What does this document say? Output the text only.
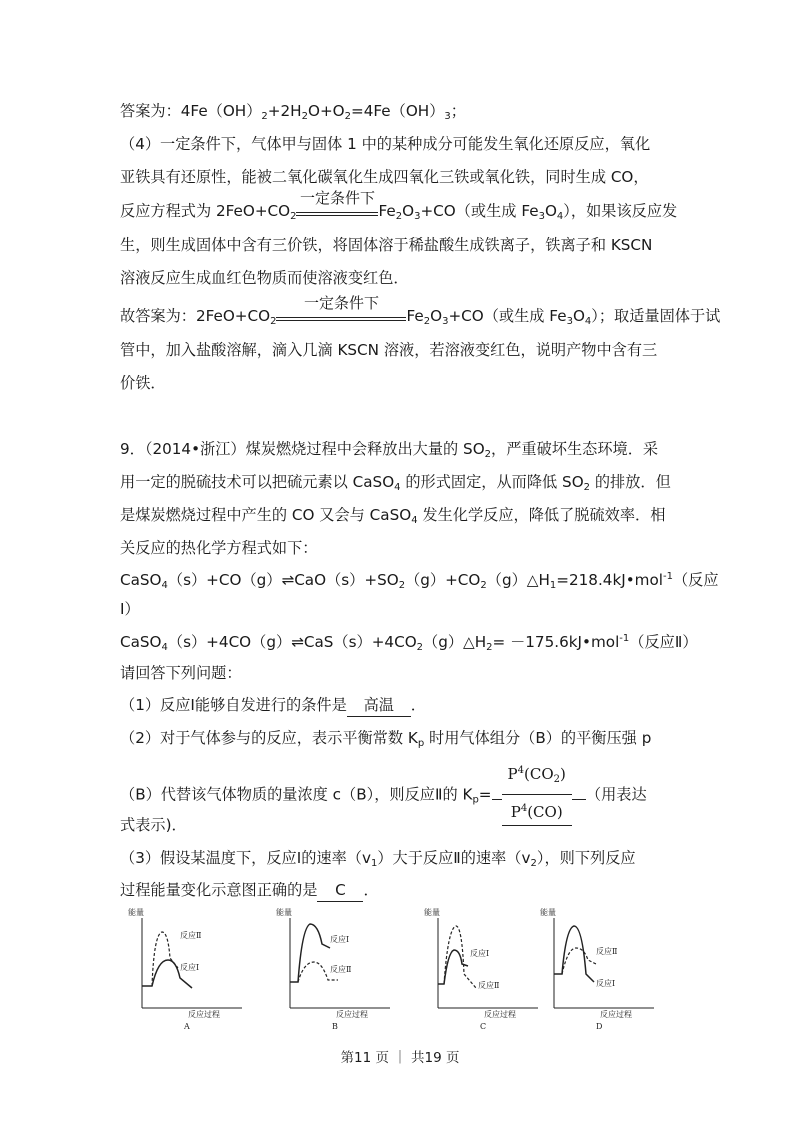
答案为：$4Fe(OH)_2+2H_2O+O_2=4Fe(OH)_3$；
（4）一定条件下，气体甲与固体 1 中的某种成分可能发生氧化还原反应，氧化
亚铁具有还原性，能被二氧化碳氧化生成四氧化三铁或氧化铁，同时生成 CO，
反应方程式为 $2FeO+CO_2$
一定条件下
$Fe_2O_3+CO$（或生成 $Fe_3O_4$），如果该反应发
生，则生成固体中含有三价铁，将固体溶于稀盐酸生成铁离子，铁离子和 KSCN
溶液反应生成血红色物质而使溶液变红色．
故答案为：$2FeO+CO_2$
一定条件下
$Fe_2O_3+CO$（或生成 $Fe_3O_4$）；取适量固体于试
管中，加入盐酸溶解，滴入几滴 KSCN 溶液，若溶液变红色，说明产物中含有三
价铁．
9．（2014•浙江）煤炭燃烧过程中会释放出大量的 $SO_2$，严重破坏生态环境．采
用一定的脱硫技术可以把硫元素以 CaSO$_4$ 的形式固定，从而降低 $SO_2$ 的排放．但
是煤炭燃烧过程中产生的 CO 又会与 CaSO$_4$ 发生化学反应，降低了脱硫效率．相
关反应的热化学方程式如下：
$CaSO_4(s)+CO(g)\rightleftharpoons CaO(s)+SO_2(g)+CO_2(g)\triangle H_1=218.4kJ•mol^{-1}$（反应
Ⅰ）
$CaSO_4(s)+4CO(g)\rightleftharpoons CaS(s)+4CO_2(g)\triangle H_2=$ －175.6kJ•mol$^{-1}$（反应Ⅱ）
请回答下列问题：
（1）反应Ⅰ能够自发进行的条件是 高温 ．
（2）对于气体参与的反应，表示平衡常数 $K_p$ 时用气体组分（B）的平衡压强 p
（B）代替该气体物质的量浓度 c（B），则反应Ⅱ的 $K_p= \frac{P^4(CO_2)}{P^4(CO)}$ （用表达
式表示)．
（3）假设某温度下，反应Ⅰ的速率$(v_1)$大于反应Ⅱ的速率$(v_2)$，则下列反应
过程能量变化示意图正确的是 C ．
能量
反应过程
反应Ⅱ
反应Ⅰ
A
能量
反应过程
反应Ⅰ
反应Ⅱ
B
能量
反应过程
反应Ⅰ
反应Ⅱ
C
能量
反应过程
反应Ⅱ
反应Ⅰ
D
第11 页 ｜ 共19 页
